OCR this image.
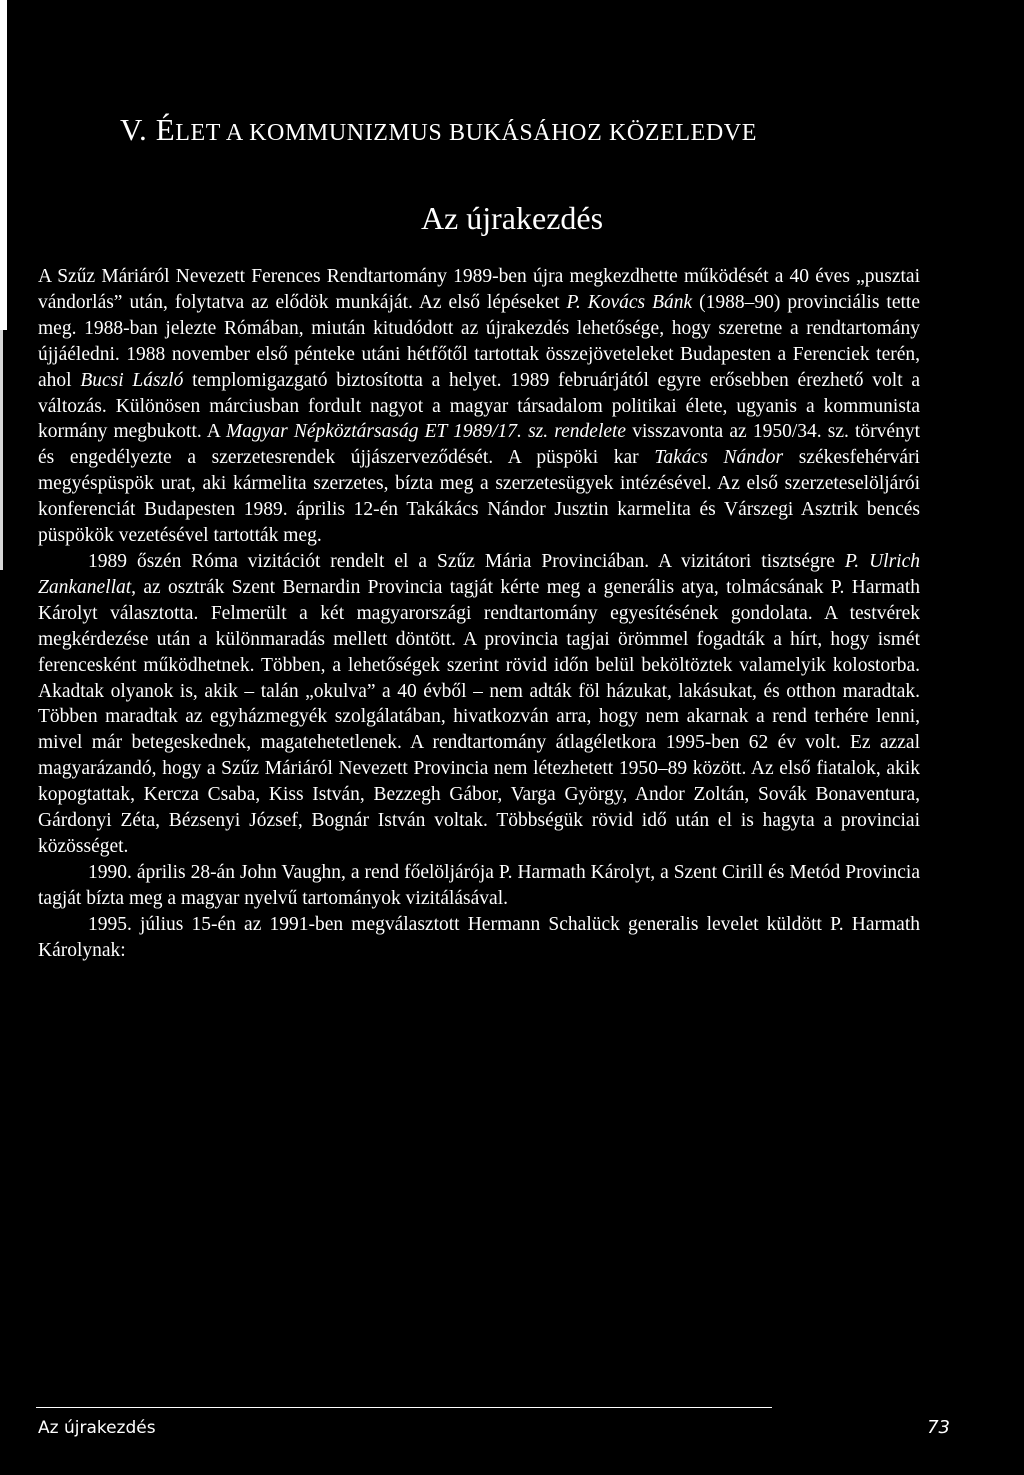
V. ÉLET A KOMMUNIZMUS BUKÁSÁHOZ KÖZELEDVE
Az újrakezdés

A Szűz Máriáról Nevezett Ferences Rendtartomány 1989-ben újra megkezdhette működését a 40 éves „pusztai vándorlás” után, folytatva az elődök munkáját. Az első lépéseket P. Kovács Bánk (1988–90) provinciális tette meg. 1988-ban jelezte Rómában, miután kitudódott az újrakezdés lehetősége, hogy szeretne a rendtartomány újjáéledni. 1988 november első péntekе utáni hétfőtől tartottak összejöveteleket Budapesten a Ferenciek terén, ahol Bucsi László templomigazgató biztosította a helyet. 1989 februárjától egyre erősebben érezhető volt a változás. Különösen márciusban fordult nagyot a magyar társadalom politikai élete, ugyanis a kommunista kormány megbukott. A Magyar Népköztársaság ET 1989/17. sz. rendelete visszavonta az 1950/34. sz. törvényt és engedélyezte a szerzetesrendek újjászerveződését. A püspöki kar Takács Nándor székesfehérvári megyéspüspök urat, aki kármelita szerzetes, bízta meg a szerzetesügyek intézésével. Az első szerzeteselöljárói konferenciát Budapesten 1989. április 12-én Takákács Nándor Jusztin karmelita és Várszegi Asztrik bencés püspökök vezetésével tartották meg.

1989 őszén Róma vizitációt rendelt el a Szűz Mária Provinciában. A vizitátori tisztségre P. Ulrich Zankanellat, az osztrák Szent Bernardin Provincia tagját kérte meg a generális atya, tolmácsának P. Harmath Károlyt választotta. Felmerült a két magyarországi rendtartomány egyesítésének gondolata. A testvérek megkérdezése után a különmaradás mellett döntött. A provincia tagjai örömmel fogadták a hírt, hogy ismét ferencesként működhetnek. Többen, a lehetőségek szerint rövid időn belül beköltöztek valamelyik kolostorba. Akadtak olyanok is, akik – talán „okulva” a 40 évből – nem adták föl házukat, lakásukat, és otthon maradtak. Többen maradtak az egyházmegyék szolgálatában, hivatkozván arra, hogy nem akarnak a rend terhére lenni, mivel már betegeskednek, magatehetetlenek. A rendtartomány átlagéletkora 1995-ben 62 év volt. Ez azzal magyarázandó, hogy a Szűz Máriáról Nevezett Provincia nem létezhetett 1950–89 között. Az első fiatalok, akik kopogtattak, Kercza Csaba, Kiss István, Bezzegh Gábor, Varga György, Andor Zoltán, Sovák Bonaventura, Gárdonyi Zéta, Bézsenyi József, Bognár István voltak. Többségük rövid idő után el is hagyta a provinciai közösséget.

1990. április 28-án John Vaughn, a rend főelöljárója P. Harmath Károlyt, a Szent Cirill és Metód Provincia tagját bízta meg a magyar nyelvű tartományok vizitálásával.

1995. július 15-én az 1991-ben megválasztott Hermann Schalück generalis levelet küldött P. Harmath Károlynak:

Az újrakezdés	73
